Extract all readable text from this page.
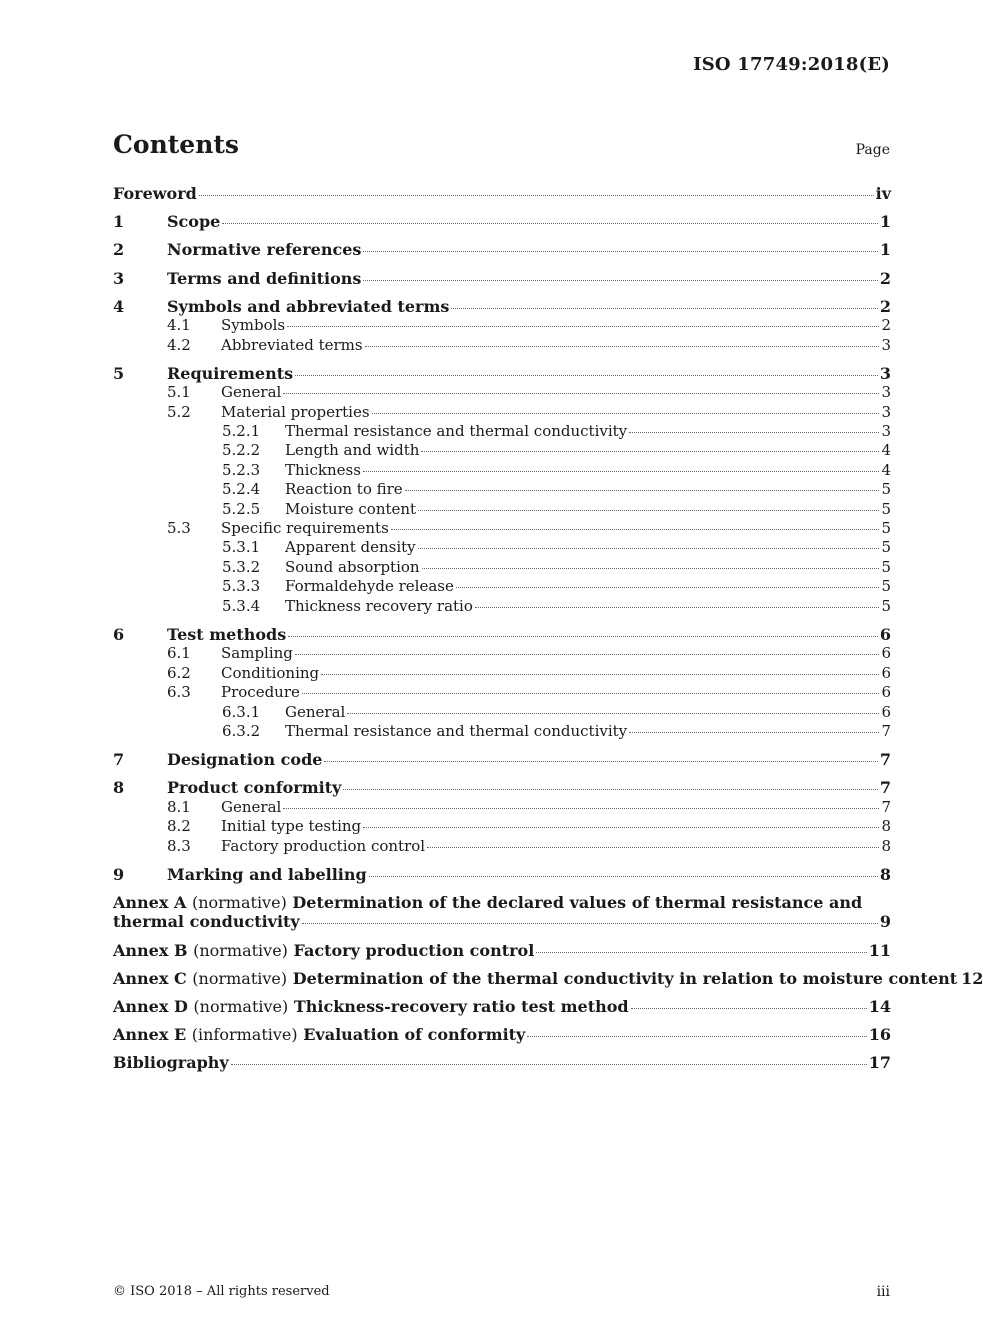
ISO 17749:2018(E)
Contents	Page
Foreword	iv
1	Scope	1
2	Normative references	1
3	Terms and definitions	2
4	Symbols and abbreviated terms	2
4.1	Symbols	2
4.2	Abbreviated terms	3
5	Requirements	3
5.1	General	3
5.2	Material properties	3
5.2.1	Thermal resistance and thermal conductivity	3
5.2.2	Length and width	4
5.2.3	Thickness	4
5.2.4	Reaction to fire	5
5.2.5	Moisture content	5
5.3	Specific requirements	5
5.3.1	Apparent density	5
5.3.2	Sound absorption	5
5.3.3	Formaldehyde release	5
5.3.4	Thickness recovery ratio	5
6	Test methods	6
6.1	Sampling	6
6.2	Conditioning	6
6.3	Procedure	6
6.3.1	General	6
6.3.2	Thermal resistance and thermal conductivity	7
7	Designation code	7
8	Product conformity	7
8.1	General	7
8.2	Initial type testing	8
8.3	Factory production control	8
9	Marking and labelling	8
Annex A (normative) Determination of the declared values of thermal resistance and
thermal conductivity	9
Annex B (normative) Factory production control	11
Annex C (normative) Determination of the thermal conductivity in relation to moisture content 12
Annex D (normative) Thickness-recovery ratio test method	14
Annex E (informative) Evaluation of conformity	16
Bibliography	17
© ISO 2018 – All rights reserved	iii
